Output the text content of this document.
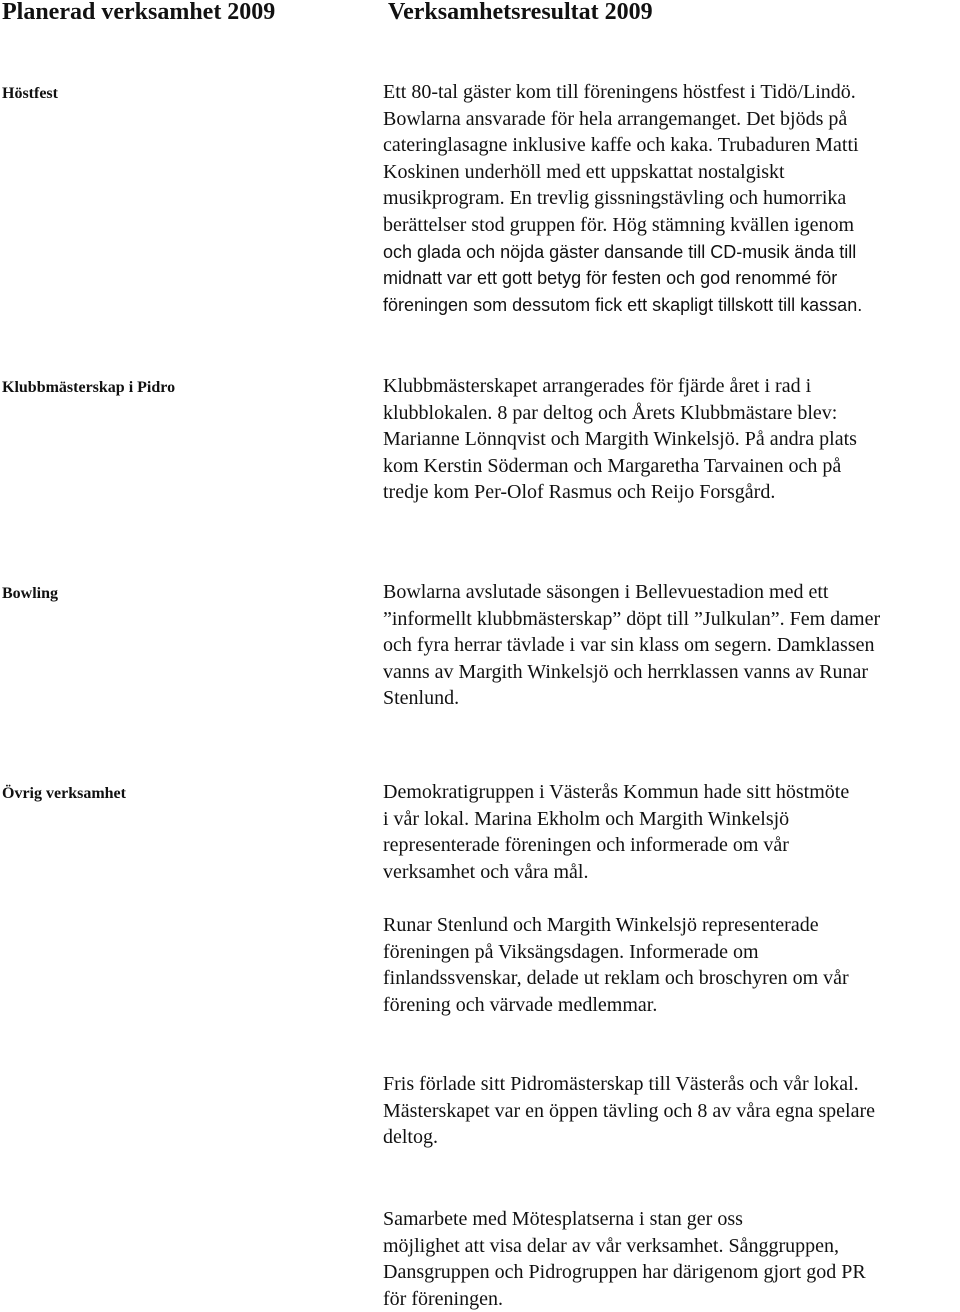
Planerad verksamhet 2009	Verksamhetsresultat 2009
Höstfest	Ett 80-tal gäster kom till föreningens höstfest i Tidö/Lindö.
Bowlarna ansvarade för hela arrangemanget. Det bjöds på
cateringlasagne inklusive kaffe och kaka. Trubaduren Matti
Koskinen underhöll med ett uppskattat nostalgiskt
musikprogram. En trevlig gissningstävling och humorrika
berättelser stod gruppen för. Hög stämning kvällen igenom
och glada och nöjda gäster dansande till CD-musik ända till
midnatt var ett gott betyg för festen och god renommé för
föreningen som dessutom fick ett skapligt tillskott till kassan.
Klubbmästerskap i Pidro	Klubbmästerskapet arrangerades för fjärde året i rad i
klubblokalen. 8 par deltog och Årets Klubbmästare blev:
Marianne Lönnqvist och Margith Winkelsjö. På andra plats
kom Kerstin Söderman och Margaretha Tarvainen och på
tredje kom Per-Olof Rasmus och Reijo Forsgård.
Bowling	Bowlarna avslutade säsongen i Bellevuestadion med ett
”informellt klubbmästerskap” döpt till ”Julkulan”. Fem damer
och fyra herrar tävlade i var sin klass om segern. Damklassen
vanns av Margith Winkelsjö och herrklassen vanns av Runar
Stenlund.
Övrig verksamhet	Demokratigruppen i Västerås Kommun hade sitt höstmöte
i vår lokal. Marina Ekholm och Margith Winkelsjö
representerade föreningen och informerade om vår
verksamhet och våra mål.
Runar Stenlund och Margith Winkelsjö representerade
föreningen på Viksängsdagen. Informerade om
finlandssvenskar, delade ut reklam och broschyren om vår
förening och värvade medlemmar.
Fris förlade sitt Pidromästerskap till Västerås och vår lokal.
Mästerskapet var en öppen tävling och 8 av våra egna spelare
deltog.
Samarbete med Mötesplatserna i stan ger oss
möjlighet att visa delar av vår verksamhet. Sånggruppen,
Dansgruppen och Pidrogruppen har därigenom gjort god PR
för föreningen.
